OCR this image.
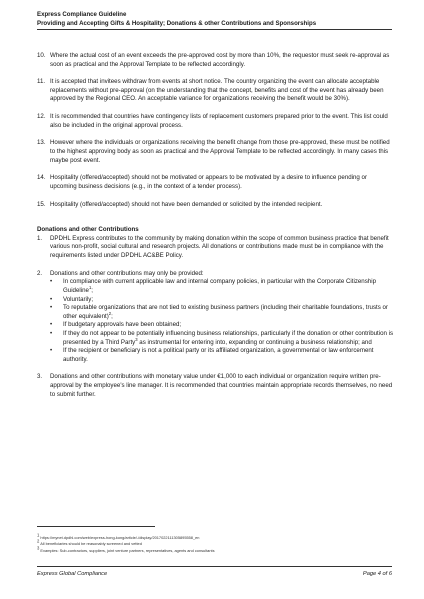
Express Compliance Guideline
Providing and Accepting Gifts & Hospitality; Donations & other Contributions and Sponsorships
10. Where the actual cost of an event exceeds the pre-approved cost by more than 10%, the requestor must seek re-approval as soon as practical and the Approval Template to be reflected accordingly.
11. It is accepted that invitees withdraw from events at short notice. The country organizing the event can allocate acceptable replacements without pre-approval (on the understanding that the concept, benefits and cost of the event has already been approved by the Regional CEO. An acceptable variance for organizations receiving the benefit would be 30%).
12. It is recommended that countries have contingency lists of replacement customers prepared prior to the event. This list could also be included in the original approval process.
13. However where the individuals or organizations receiving the benefit change from those pre-approved, these must be notified to the highest approving body as soon as practical and the Approval Template to be reflected accordingly. In many cases this maybe post event.
14. Hospitality (offered/accepted) should not be motivated or appears to be motivated by a desire to influence pending or upcoming business decisions (e.g., in the context of a tender process).
15. Hospitality (offered/accepted) should not have been demanded or solicited by the intended recipient.
Donations and other Contributions
1. DPDHL Express contributes to the community by making donation within the scope of common business practice that benefit various non-profit, social cultural and research projects. All donations or contributions made must be in compliance with the requirements listed under DPDHL AC&BE Policy.
2. Donations and other contributions may only be provided:
• In compliance with current applicable law and internal company policies, in particular with the Corporate Citizenship Guideline$^1$;
• Voluntarily;
• To reputable organizations that are not tied to existing business partners (including their charitable foundations, trusts or other equivalent)$^2$;
• If budgetary approvals have been obtained;
• If they do not appear to be potentially influencing business relationships, particularly if the donation or other contribution is presented by a Third Party$^3$ as instrumental for entering into, expanding or continuing a business relationship; and
• If the recipient or beneficiary is not a political party or its affiliated organization, a governmental or law enforcement authority.
3. Donations and other contributions with monetary value under €1,000 to each individual or organization require written pre-approval by the employee's line manager. It is recommended that countries maintain appropriate records themselves, no need to submit further.
$^1$ https://mynet.dpdhl.com/web/express-hong-kong/article/-/display/2017022111305895558_en
$^2$ All beneficiaries should be reasonably screened and vetted
$^3$ Examples: Sub-contractors, suppliers, joint venture partners, representatives, agents and consultants
Express Global Compliance	Page 4 of 6
